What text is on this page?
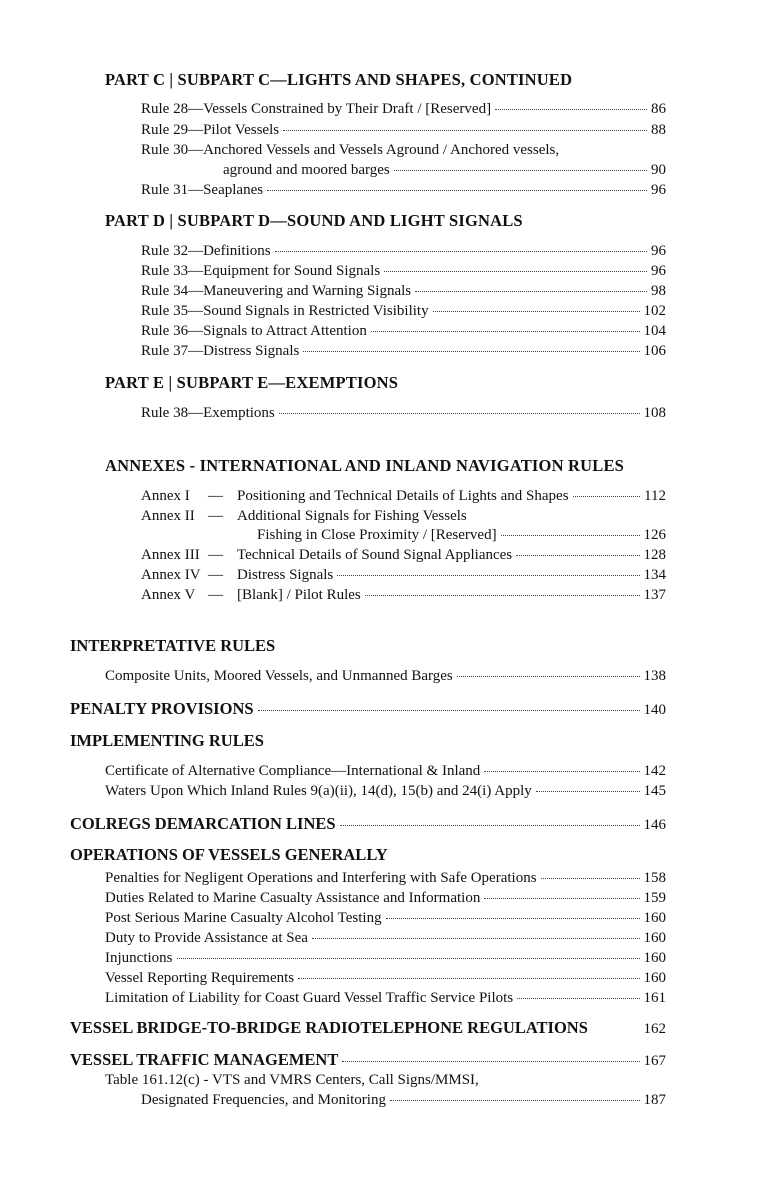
PART C | SUBPART C—LIGHTS AND SHAPES, CONTINUED
Rule 28—Vessels Constrained by Their Draft / [Reserved]	86
Rule 29—Pilot Vessels	88
Rule 30—Anchored Vessels and Vessels Aground / Anchored vessels,
aground and moored barges	90
Rule 31—Seaplanes	96
PART D | SUBPART D—SOUND AND LIGHT SIGNALS
Rule 32—Definitions	96
Rule 33—Equipment for Sound Signals	96
Rule 34—Maneuvering and Warning Signals	98
Rule 35—Sound Signals in Restricted Visibility	102
Rule 36—Signals to Attract Attention	104
Rule 37—Distress Signals	106
PART E | SUBPART E—EXEMPTIONS
Rule 38—Exemptions	108
ANNEXES - INTERNATIONAL AND INLAND NAVIGATION RULES
Annex I — Positioning and Technical Details of Lights and Shapes	112
Annex II — Additional Signals for Fishing Vessels
Fishing in Close Proximity / [Reserved]	126
Annex III — Technical Details of Sound Signal Appliances	128
Annex IV — Distress Signals	134
Annex V — [Blank] / Pilot Rules	137
INTERPRETATIVE RULES
Composite Units, Moored Vessels, and Unmanned Barges	138
PENALTY PROVISIONS	140
IMPLEMENTING RULES
Certificate of Alternative Compliance—International & Inland	142
Waters Upon Which Inland Rules 9(a)(ii), 14(d), 15(b) and 24(i) Apply	145
COLREGS DEMARCATION LINES	146
OPERATIONS OF VESSELS GENERALLY
Penalties for Negligent Operations and Interfering with Safe Operations	158
Duties Related to Marine Casualty Assistance and Information	159
Post Serious Marine Casualty Alcohol Testing	160
Duty to Provide Assistance at Sea	160
Injunctions	160
Vessel Reporting Requirements	160
Limitation of Liability for Coast Guard Vessel Traffic Service Pilots	161
VESSEL BRIDGE-TO-BRIDGE RADIOTELEPHONE REGULATIONS	162
VESSEL TRAFFIC MANAGEMENT	167
Table 161.12(c) - VTS and VMRS Centers, Call Signs/MMSI,
Designated Frequencies, and Monitoring	187
